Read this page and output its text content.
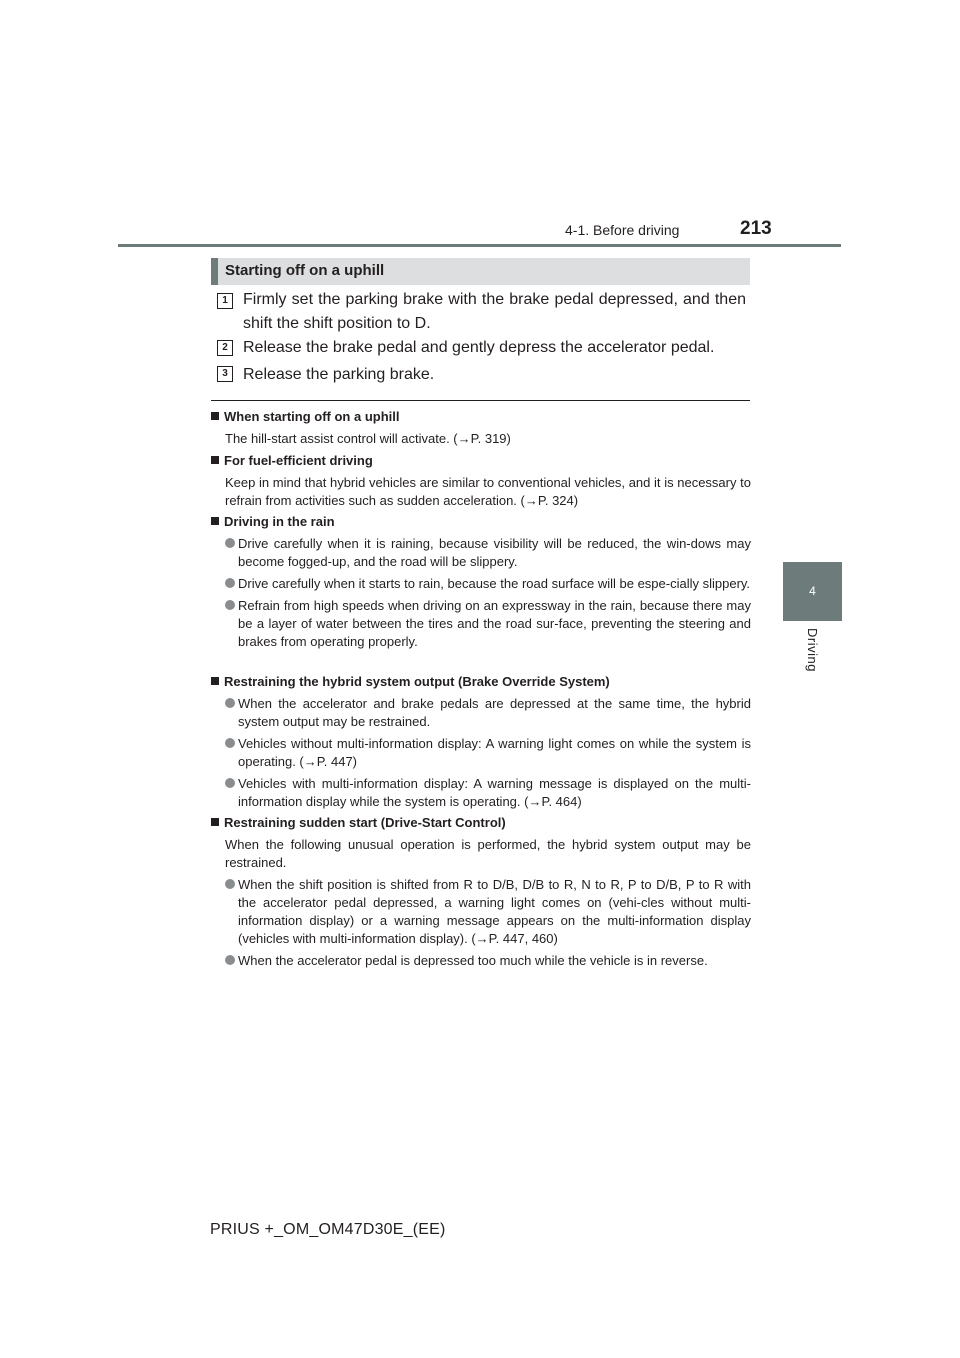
4-1. Before driving	213
4
Driving
Starting off on a uphill
1 Firmly set the parking brake with the brake pedal depressed, and then shift the shift position to D.
2 Release the brake pedal and gently depress the accelerator pedal.
3 Release the parking brake.

When starting off on a uphill

The hill-start assist control will activate. (→P. 319)

For fuel-efficient driving

Keep in mind that hybrid vehicles are similar to conventional vehicles, and it is necessary to refrain from activities such as sudden acceleration. (→P. 324)

Driving in the rain

Drive carefully when it is raining, because visibility will be reduced, the win-dows may become fogged-up, and the road will be slippery.
Drive carefully when it starts to rain, because the road surface will be espe-cially slippery.
Refrain from high speeds when driving on an expressway in the rain, because there may be a layer of water between the tires and the road sur-face, preventing the steering and brakes from operating properly.

Restraining the hybrid system output (Brake Override System)

When the accelerator and brake pedals are depressed at the same time, the hybrid system output may be restrained.
Vehicles without multi-information display: A warning light comes on while the system is operating. (→P. 447)
Vehicles with multi-information display: A warning message is displayed on the multi-information display while the system is operating. (→P. 464)

Restraining sudden start (Drive-Start Control)

When the following unusual operation is performed, the hybrid system output may be restrained.

When the shift position is shifted from R to D/B, D/B to R, N to R, P to D/B, P to R with the accelerator pedal depressed, a warning light comes on (vehi-cles without multi-information display) or a warning message appears on the multi-information display (vehicles with multi-information display). (→P. 447, 460)
When the accelerator pedal is depressed too much while the vehicle is in reverse.
PRIUS +_OM_OM47D30E_(EE)
